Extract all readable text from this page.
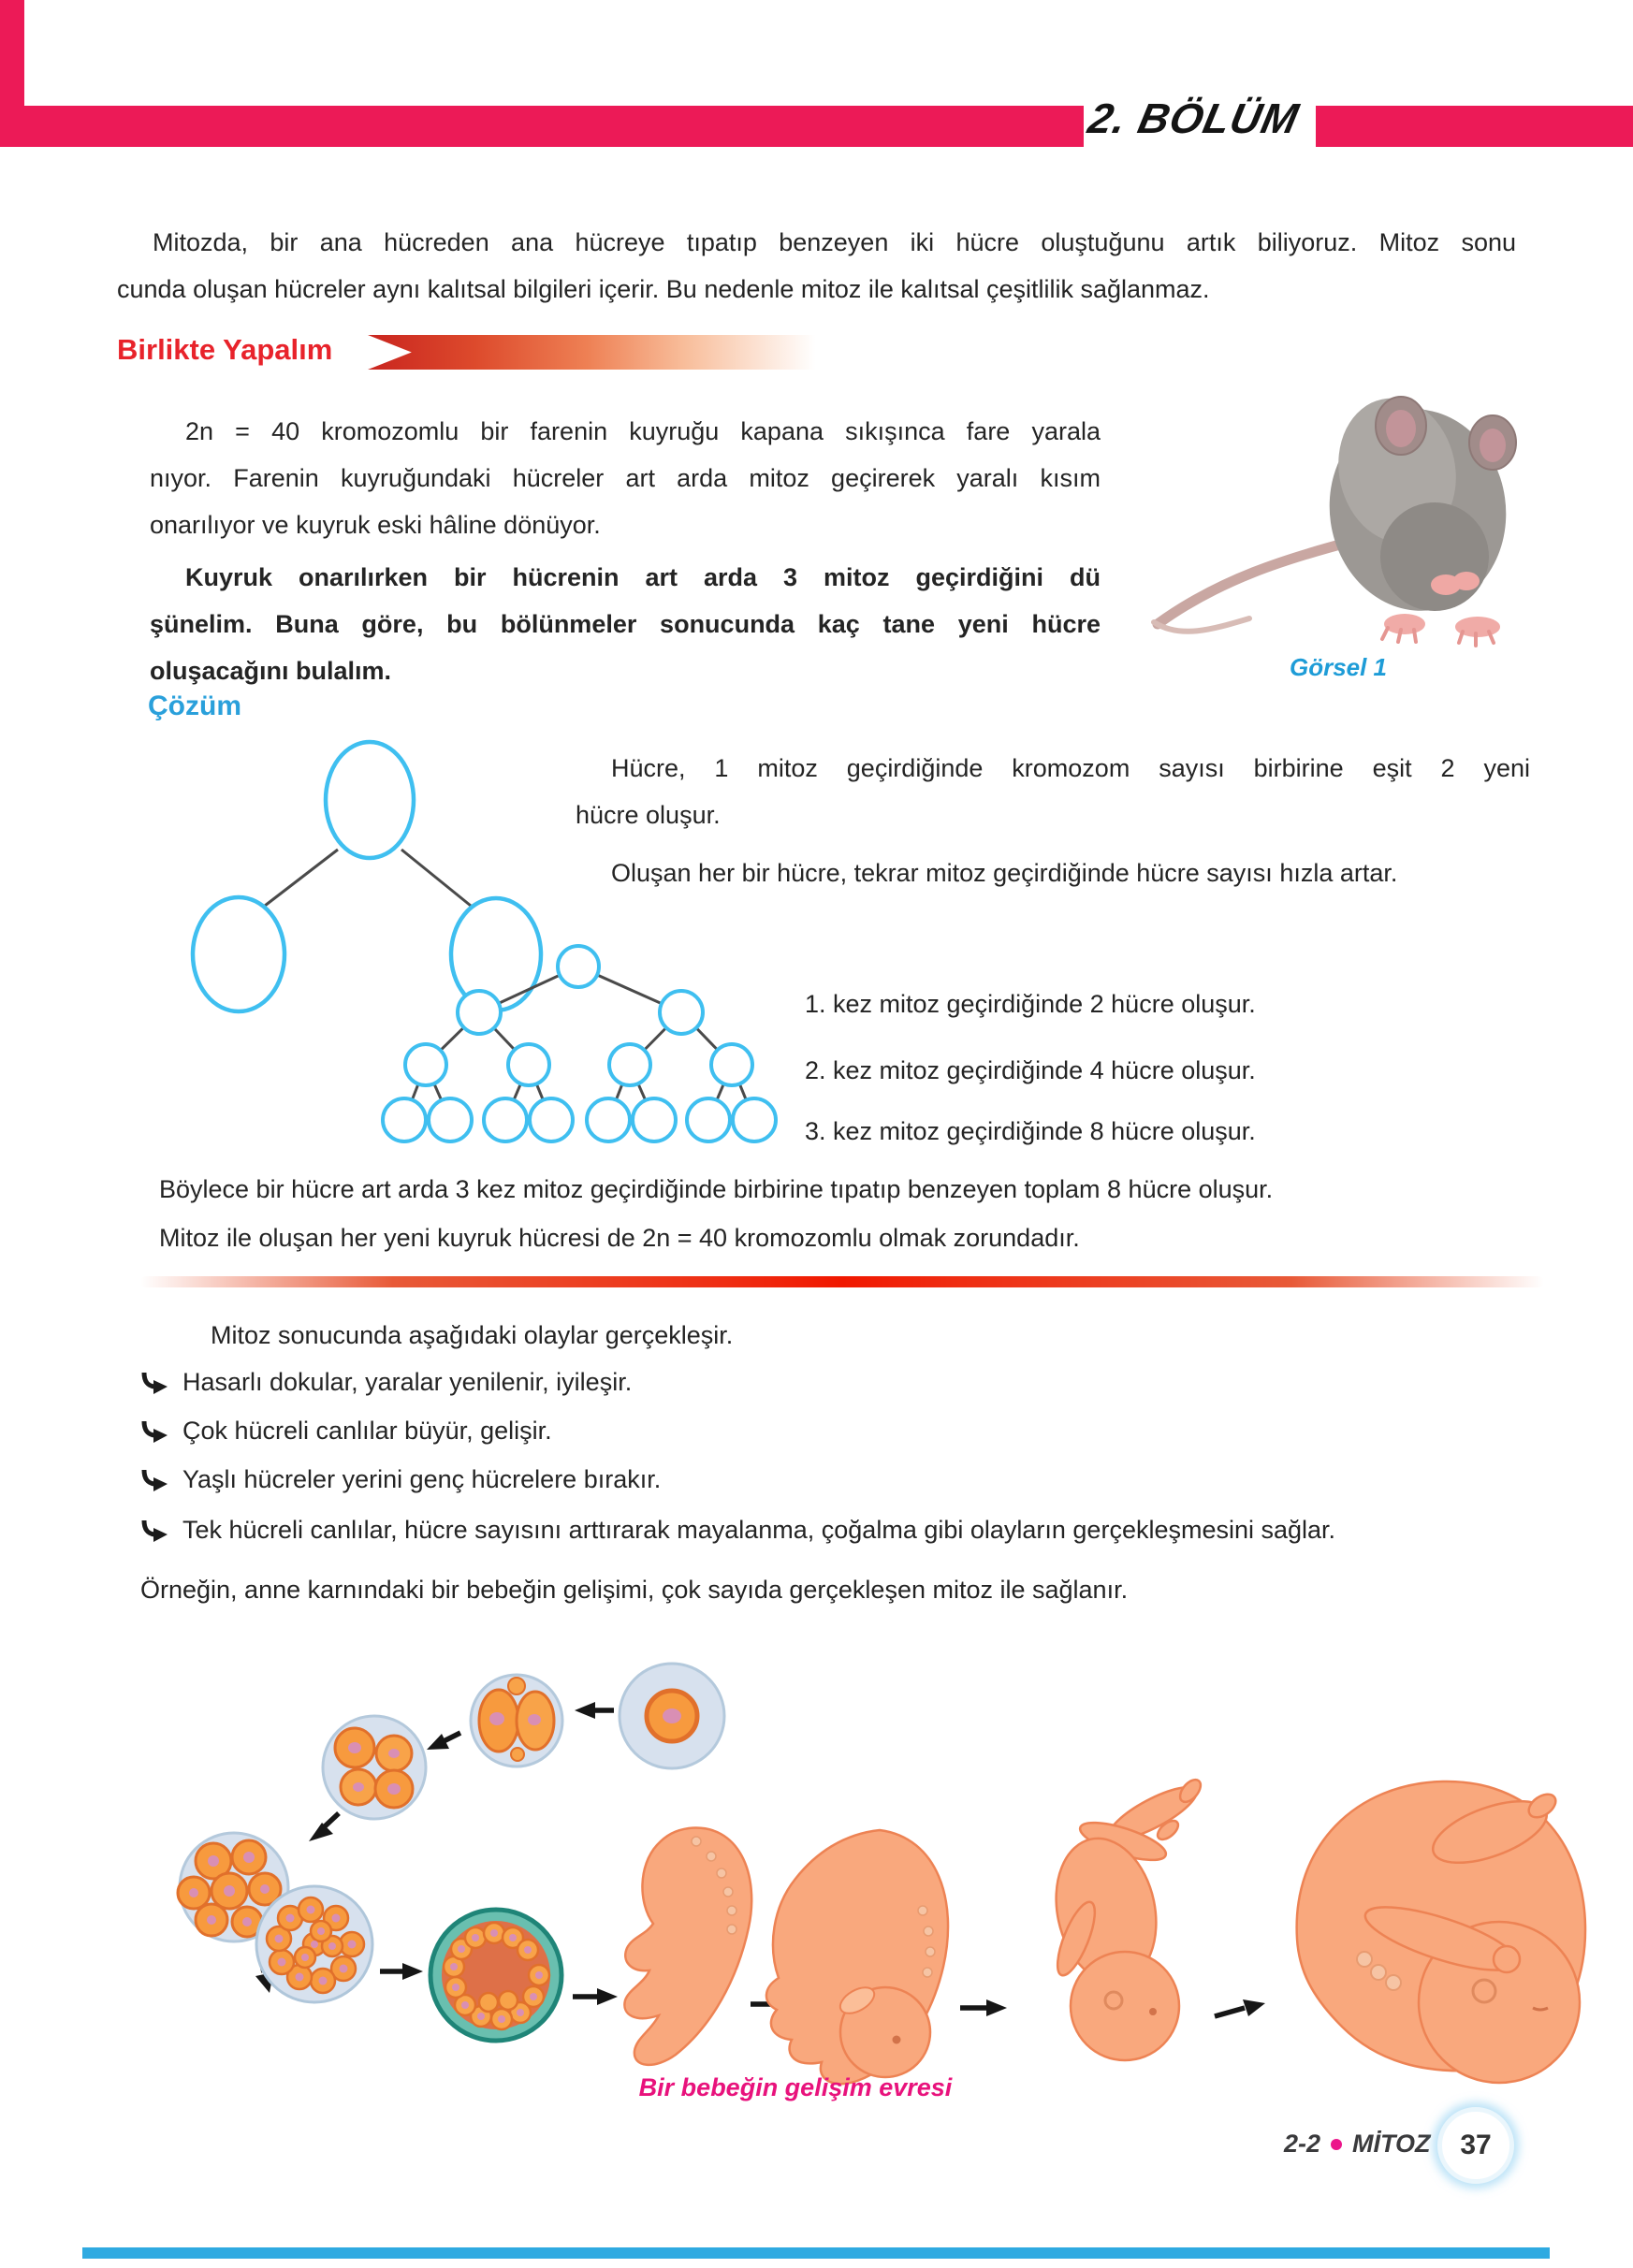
2. BÖLÜM
Mitozda, bir ana hücreden ana hücreye tıpatıp benzeyen iki hücre oluştuğunu artık biliyoruz. Mitoz sonu
cunda oluşan hücreler aynı kalıtsal bilgileri içerir. Bu nedenle mitoz ile kalıtsal çeşitlilik sağlanmaz.
Birlikte Yapalım
2n = 40 kromozomlu bir farenin kuyruğu kapana sıkışınca fare yarala
nıyor. Farenin kuyruğundaki hücreler art arda mitoz geçirerek yaralı kısım
onarılıyor ve kuyruk eski hâline dönüyor.
Kuyruk onarılırken bir hücrenin art arda 3 mitoz geçirdiğini dü
şünelim. Buna göre, bu bölünmeler sonucunda kaç tane yeni hücre
oluşacağını bulalım.	Görsel 1
Çözüm
Hücre, 1 mitoz geçirdiğinde kromozom sayısı birbirine eşit 2 yeni
hücre oluşur.
Oluşan her bir hücre, tekrar mitoz geçirdiğinde hücre sayısı hızla artar.
1. kez mitoz geçirdiğinde 2 hücre oluşur.
2. kez mitoz geçirdiğinde 4 hücre oluşur.
3. kez mitoz geçirdiğinde 8 hücre oluşur.
Böylece bir hücre art arda 3 kez mitoz geçirdiğinde birbirine tıpatıp benzeyen toplam 8 hücre oluşur.
Mitoz ile oluşan her yeni kuyruk hücresi de 2n = 40 kromozomlu olmak zorundadır.
Mitoz sonucunda aşağıdaki olaylar gerçekleşir.
Hasarlı dokular, yaralar yenilenir, iyileşir.
Çok hücreli canlılar büyür, gelişir.
Yaşlı hücreler yerini genç hücrelere bırakır.
Tek hücreli canlılar, hücre sayısını arttırarak mayalanma, çoğalma gibi olayların gerçekleşmesini sağlar.
Örneğin, anne karnındaki bir bebeğin gelişimi, çok sayıda gerçekleşen mitoz ile sağlanır.
Bir bebeğin gelişim evresi
2-2 MİTOZ 37
